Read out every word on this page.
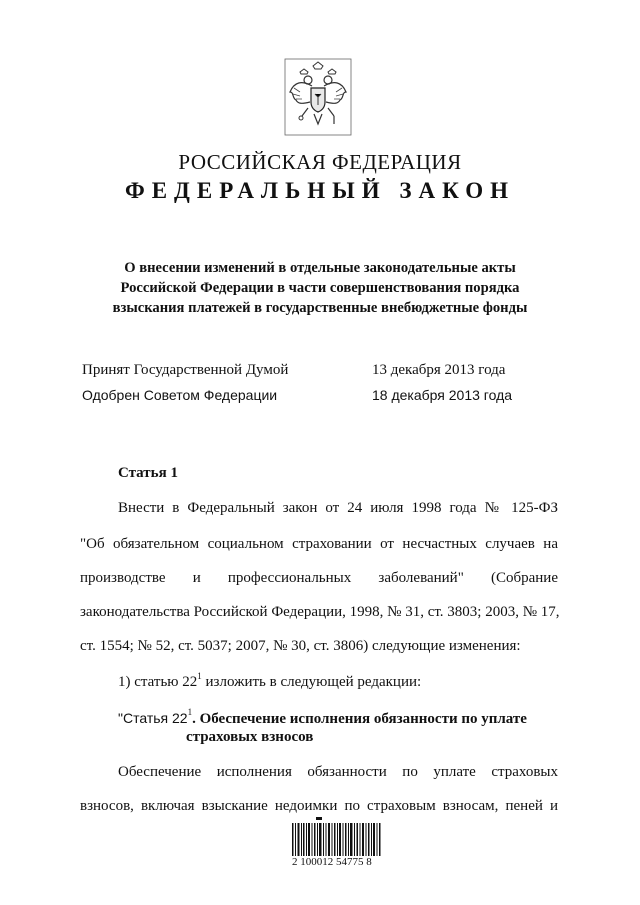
РОССИЙСКАЯ ФЕДЕРАЦИЯ
ФЕДЕРАЛЬНЫЙ ЗАКОН
О внесении изменений в отдельные законодательные акты
Российской Федерации в части совершенствования порядка
взыскания платежей в государственные внебюджетные фонды
Принят Государственной Думой	13 декабря 2013 года
Одобрен Советом Федерации	18 декабря 2013 года
Статья 1
Внести в Федеральный закон от 24 июля 1998 года № 125-ФЗ
"Об обязательном социальном страховании от несчастных случаев на
производстве и профессиональных заболеваний" (Собрание
законодательства Российской Федерации, 1998, № 31, ст. 3803; 2003, № 17,
ст. 1554; № 52, ст. 5037; 2007, № 30, ст. 3806) следующие изменения:
1) статью $22^1$ изложить в следующей редакции:
"Статья $22^1$. Обеспечение исполнения обязанности по уплате
страховых взносов
Обеспечение исполнения обязанности по уплате страховых
взносов, включая взыскание недоимки по страховым взносам, пеней и
2 100012 54775 8
